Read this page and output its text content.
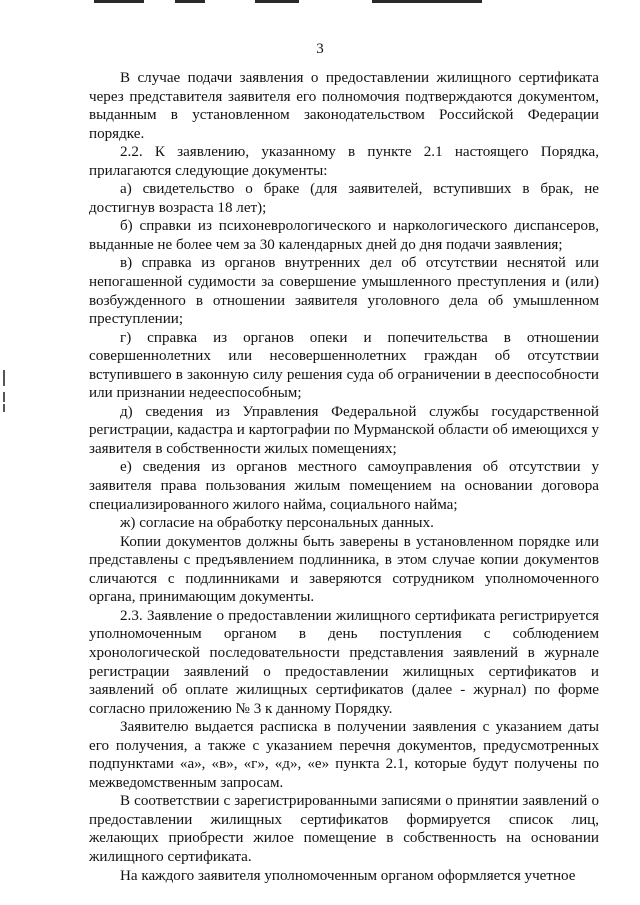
3

В случае подачи заявления о предоставлении жилищного сертификата через представителя заявителя его полномочия подтверждаются документом, выданным в установленном законодательством Российской Федерации порядке.

2.2. К заявлению, указанному в пункте 2.1 настоящего Порядка, прилагаются следующие документы:

а) свидетельство о браке (для заявителей, вступивших в брак, не достигнув возраста 18 лет);

б) справки из психоневрологического и наркологического диспансеров, выданные не более чем за 30 календарных дней до дня подачи заявления;

в) справка из органов внутренних дел об отсутствии неснятой или непогашенной судимости за совершение умышленного преступления и (или) возбужденного в отношении заявителя уголовного дела об умышленном преступлении;

г) справка из органов опеки и попечительства в отношении совершеннолетних или несовершеннолетних граждан об отсутствии вступившего в законную силу решения суда об ограничении в дееспособности или признании недееспособным;

д) сведения из Управления Федеральной службы государственной регистрации, кадастра и картографии по Мурманской области об имеющихся у заявителя в собственности жилых помещениях;

е) сведения из органов местного самоуправления об отсутствии у заявителя права пользования жилым помещением на основании договора специализированного жилого найма, социального найма;

ж) согласие на обработку персональных данных.

Копии документов должны быть заверены в установленном порядке или представлены с предъявлением подлинника, в этом случае копии документов сличаются с подлинниками и заверяются сотрудником уполномоченного органа, принимающим документы.

2.3. Заявление о предоставлении жилищного сертификата регистрируется уполномоченным органом в день поступления с соблюдением хронологической последовательности представления заявлений в журнале регистрации заявлений о предоставлении жилищных сертификатов и заявлений об оплате жилищных сертификатов (далее - журнал) по форме согласно приложению № 3 к данному Порядку.

Заявителю выдается расписка в получении заявления с указанием даты его получения, а также с указанием перечня документов, предусмотренных подпунктами «а», «в», «г», «д», «е» пункта 2.1, которые будут получены по межведомственным запросам.

В соответствии с зарегистрированными записями о принятии заявлений о предоставлении жилищных сертификатов формируется список лиц, желающих приобрести жилое помещение в собственность на основании жилищного сертификата.

На каждого заявителя уполномоченным органом оформляется учетное
